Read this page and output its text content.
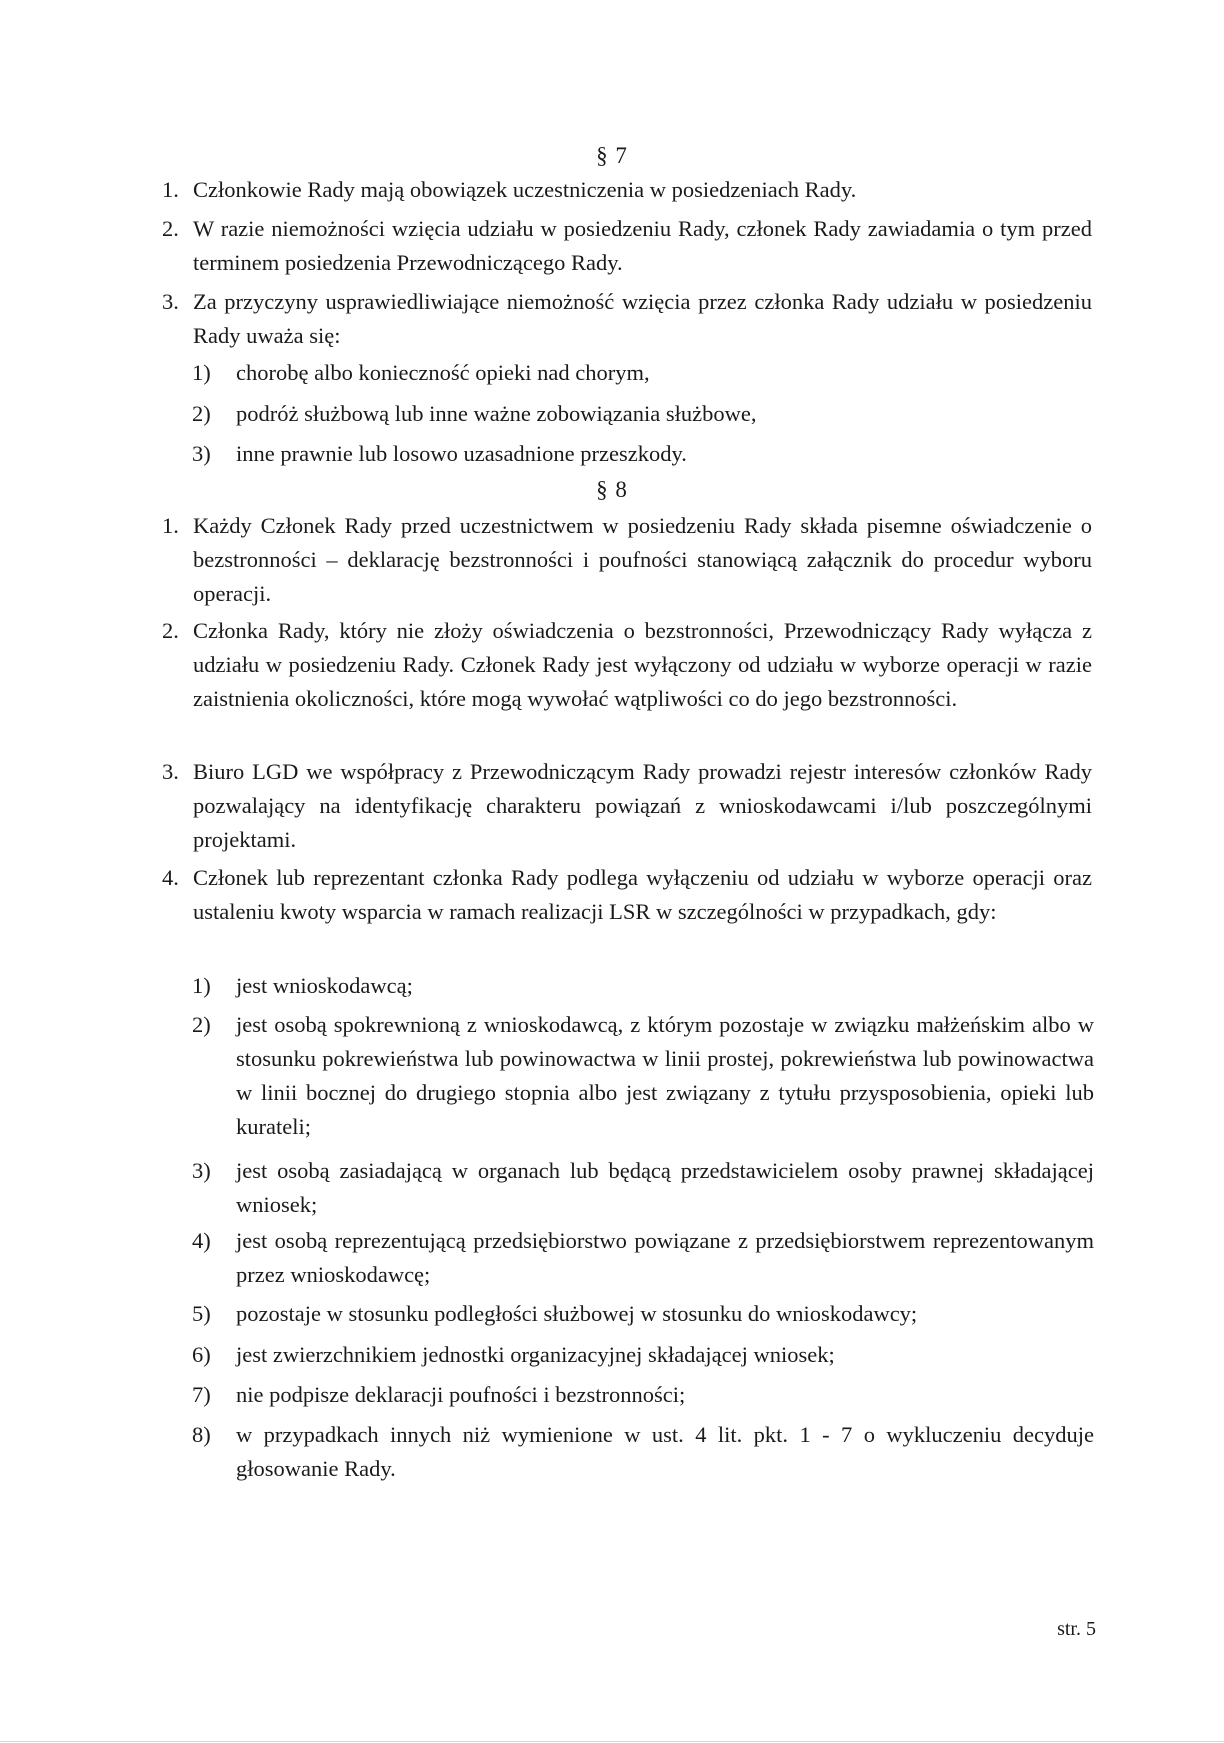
§ 7
1. Członkowie Rady mają obowiązek uczestniczenia w posiedzeniach Rady.
2. W razie niemożności wzięcia udziału w posiedzeniu Rady, członek Rady zawiadamia o tym przed terminem posiedzenia Przewodniczącego Rady.
3. Za przyczyny usprawiedliwiające niemożność wzięcia przez członka Rady udziału w posiedzeniu Rady uważa się:
1)	chorobę albo konieczność opieki nad chorym,
2)	podróż służbową lub inne ważne zobowiązania służbowe,
3)	inne prawnie lub losowo uzasadnione przeszkody.
§ 8
1. Każdy Członek Rady przed uczestnictwem w posiedzeniu Rady składa pisemne oświadczenie o bezstronności – deklarację bezstronności i poufności stanowiącą załącznik do procedur wyboru operacji.
2. Członka Rady, który nie złoży oświadczenia o bezstronności, Przewodniczący Rady wyłącza z udziału w posiedzeniu Rady. Członek Rady jest wyłączony od udziału w wyborze operacji w razie zaistnienia okoliczności, które mogą wywołać wątpliwości co do jego bezstronności.
3. Biuro LGD we współpracy z Przewodniczącym Rady prowadzi rejestr interesów członków Rady pozwalający na identyfikację charakteru powiązań z wnioskodawcami i/lub poszczególnymi projektami.
4. Członek lub reprezentant członka Rady podlega wyłączeniu od udziału w wyborze operacji oraz ustaleniu kwoty wsparcia w ramach realizacji LSR w szczególności w przypadkach, gdy:
1)	jest wnioskodawcą;
2)	jest osobą spokrewnioną z wnioskodawcą, z którym pozostaje w związku małżeńskim albo w stosunku pokrewieństwa lub powinowactwa w linii prostej, pokrewieństwa lub powinowactwa w linii bocznej do drugiego stopnia albo jest związany z tytułu przysposobienia, opieki lub kurateli;
3)	jest osobą zasiadającą w organach lub będącą przedstawicielem osoby prawnej składającej wniosek;
4)	jest osobą reprezentującą przedsiębiorstwo powiązane z przedsiębiorstwem reprezentowanym przez wnioskodawcę;
5)	pozostaje w stosunku podległości służbowej w stosunku do wnioskodawcy;
6)	jest zwierzchnikiem jednostki organizacyjnej składającej wniosek;
7)	nie podpisze deklaracji poufności i bezstronności;
8)	w przypadkach innych niż wymienione w ust. 4 lit. pkt. 1 - 7 o wykluczeniu decyduje głosowanie Rady.
str. 5
